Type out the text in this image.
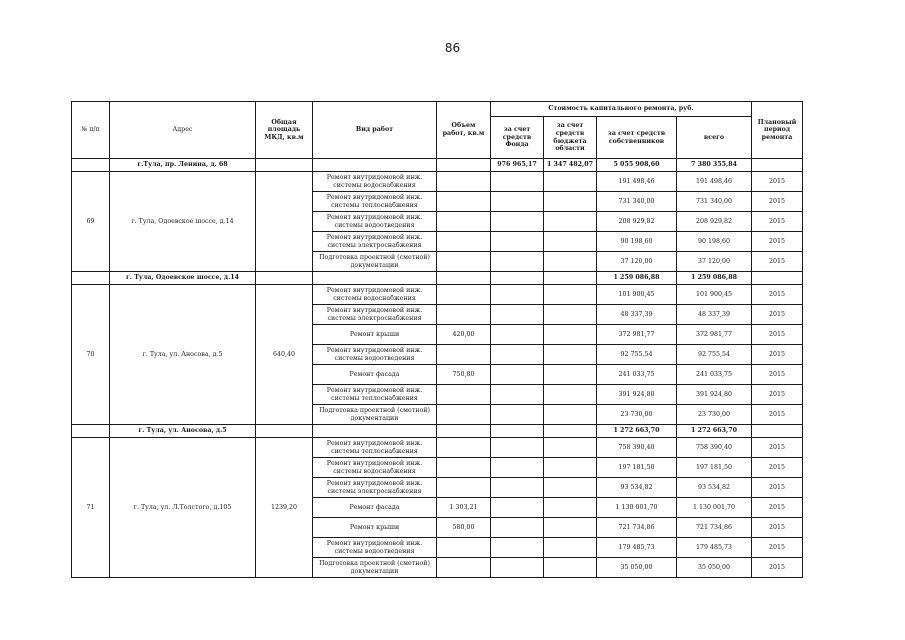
86
№ п/п	Адрес	Общая площадь МКД, кв.м	Вид работ	Объем работ, кв.м	Стоимость капитального ремонта, руб.				Плановый период ремонта
					за счет средств Фонда	за счет средств бюджета области	за счет средств собственников	всего	
	г.Тула, пр. Ленина, д. 68				976 965,17	1 347 482,07	5 055 908,60	7 380 355,84	
69	г. Тула, Одоевское шоссе, д.14		Ремонт внутридомовой инж. системы водоснабжения				191 498,46	191 498,46	2015
			Ремонт внутридомовой инж. системы теплоснабжения				731 340,00	731 340,00	2015
			Ремонт внутридомовой инж. системы водоотведения				208 929,82	208 929,82	2015
			Ремонт внутридомовой инж. системы электроснабжения				90 198,60	90 198,60	2015
			Подготовка проектной (сметной) документации				37 120,00	37 120,00	2015
	г. Тула, Одоевское шоссе, д.14						1 259 086,88	1 259 086,88	
70	г. Тула, ул. Аносова, д.5	640,40	Ремонт внутридомовой инж. системы водоснабжения				101 900,45	101 900,45	2015
			Ремонт внутридомовой инж. системы электроснабжения				48 337,39	48 337,39	2015
			Ремонт крыши	420,00			372 981,77	372 981,77	2015
			Ремонт внутридомовой инж. системы водоотведения				92 755,54	92 755,54	2015
			Ремонт фасада	750,80			241 033,75	241 033,75	2015
			Ремонт внутридомовой инж. системы теплоснабжения				391 924,80	391 924,80	2015
			Подготовка проектной (сметной) документации				23 730,00	23 730,00	2015
	г. Тула, ул. Аносова, д.5						1 272 663,70	1 272 663,70	
71	г. Тула, ул. Л.Толстого, д.105	1239,20	Ремонт внутридомовой инж. системы теплоснабжения				758 390,40	758 390,40	2015
			Ремонт внутридомовой инж. системы водоснабжения				197 181,50	197 181,50	2015
			Ремонт внутридомовой инж. системы электроснабжения				93 534,82	93 534,82	2015
			Ремонт фасада	1 303,21			1 130 001,70	1 130 001,70	2015
			Ремонт крыши	580,00			721 734,86	721 734,86	2015
			Ремонт внутридомовой инж. системы водоотведения				179 485,73	179 485,73	2015
			Подготовка проектной (сметной) документации				35 050,00	35 050,00	2015
